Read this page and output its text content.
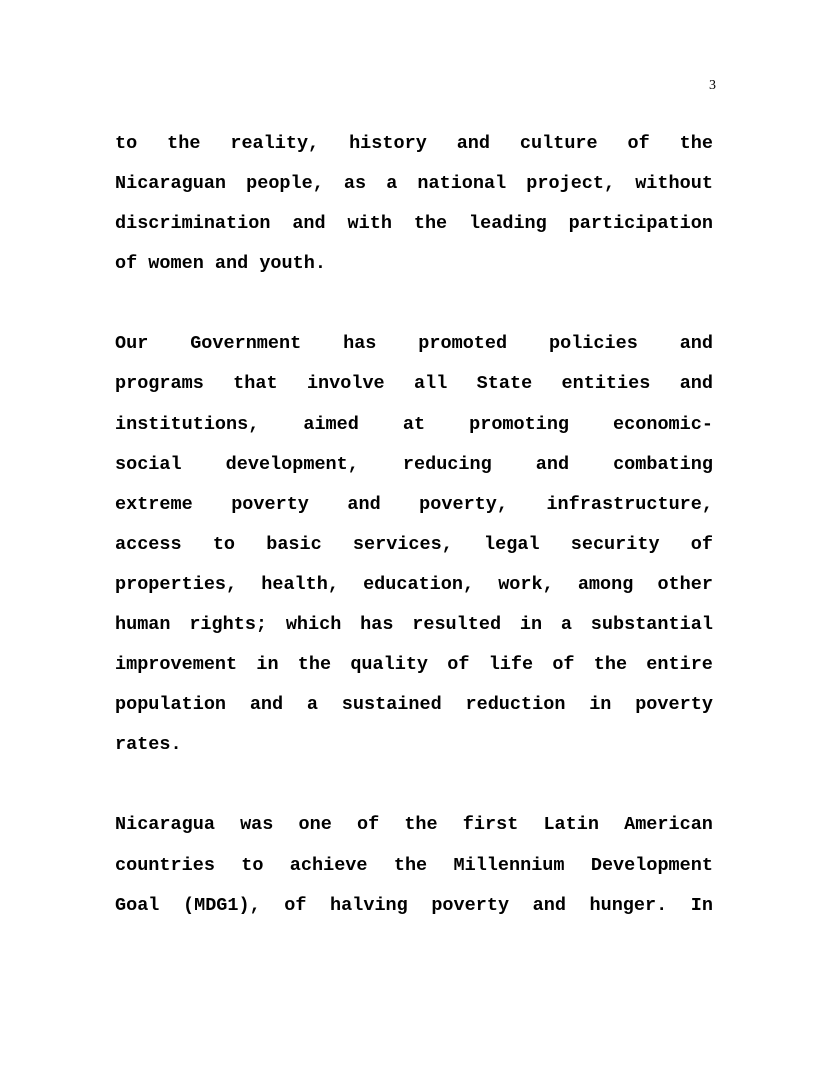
3
to the reality, history and culture of the
Nicaraguan people, as a national project, without
discrimination and with the leading participation
of women and youth.
Our Government has promoted policies and
programs that involve all State entities and
institutions, aimed at promoting economic-
social development, reducing and combating
extreme poverty and poverty, infrastructure,
access to basic services, legal security of
properties, health, education, work, among other
human rights; which has resulted in a substantial
improvement in the quality of life of the entire
population and a sustained reduction in poverty
rates.
Nicaragua was one of the first Latin American
countries to achieve the Millennium Development
Goal (MDG1), of halving poverty and hunger. In
